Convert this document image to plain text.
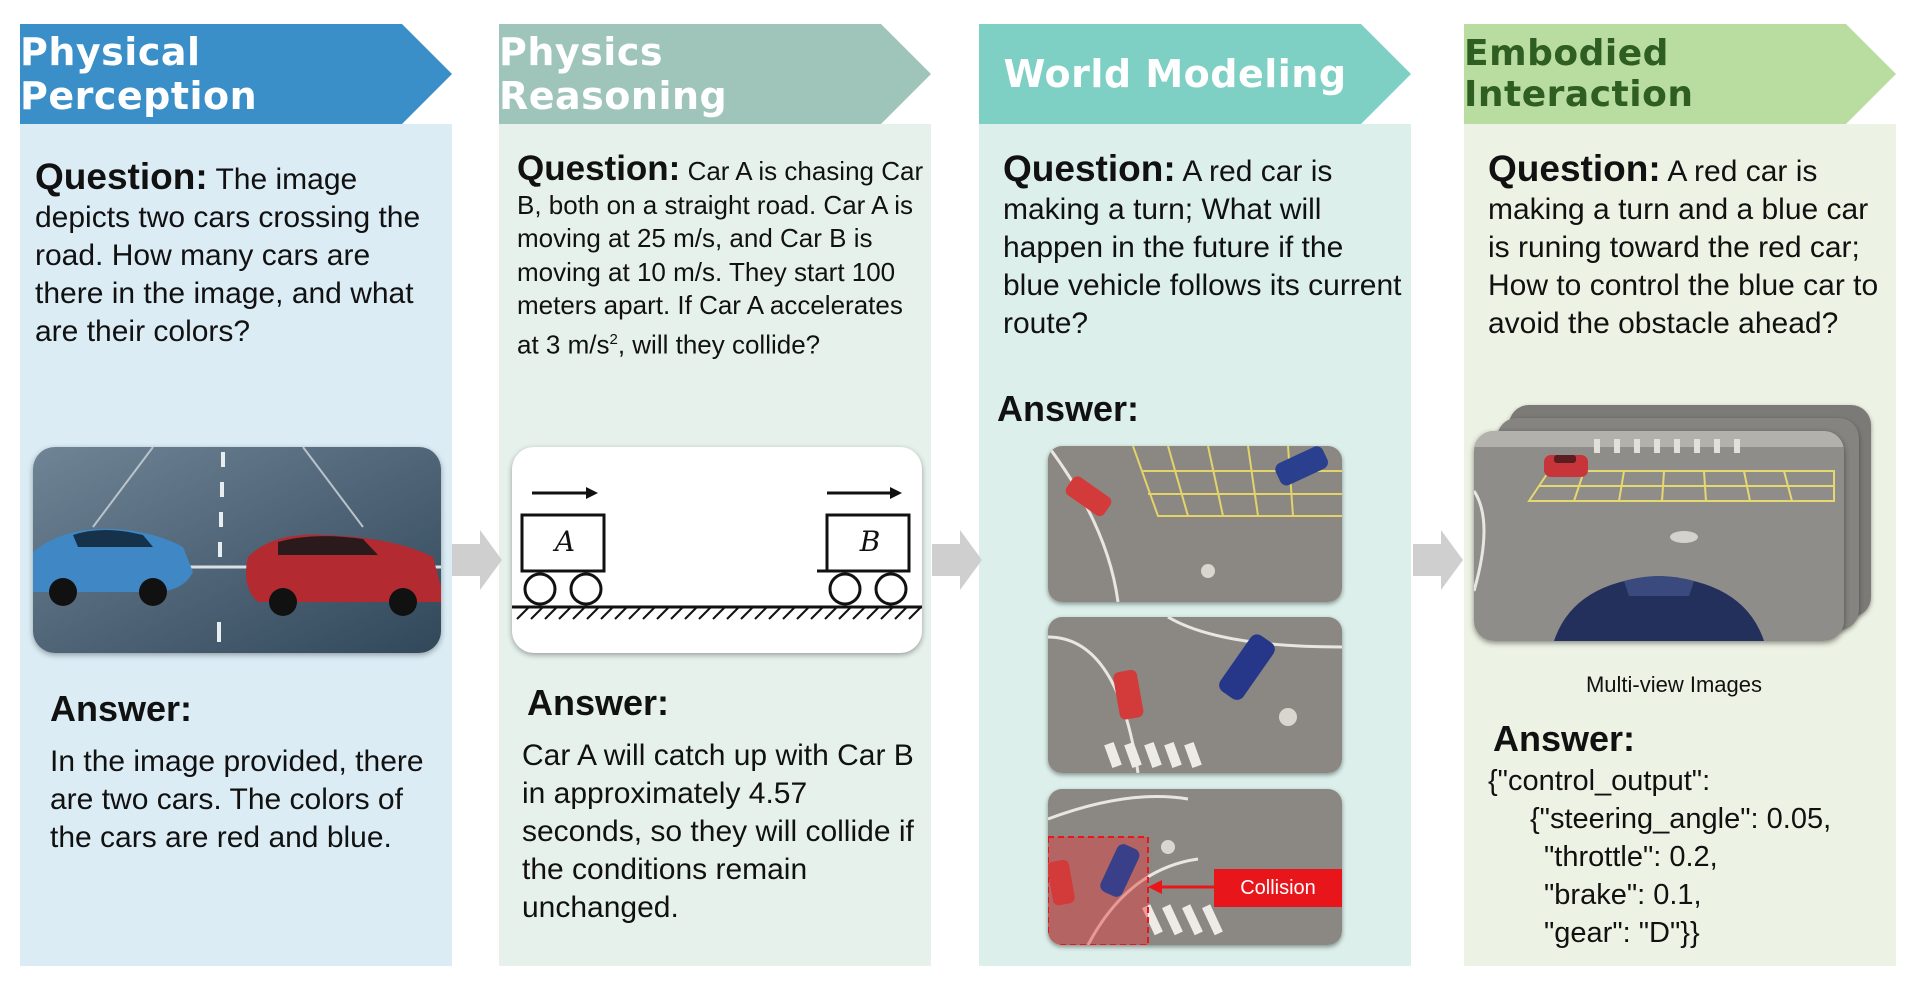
Physical Perception
Physics Reasoning	World Modeling	Embodied Interaction
Question: The image depicts two cars crossing the road. How many cars are there in the image, and what are their colors?
Answer:
In the image provided, there are two cars. The colors of the cars are red and blue.
Question: Car A is chasing Car B, both on a straight road. Car A is moving at 25 m/s, and Car B is moving at 10 m/s. They start 100 meters apart. If Car A accelerates at 3 $m/s^2$, will they collide?
A	B
Answer:
Car A will catch up with Car B in approximately 4.57 seconds, so they will collide if the conditions remain unchanged.
Question: A red car is making a turn; What will happen in the future if the blue vehicle follows its current route?
Answer:
Collision
Question: A red car is making a turn and a blue car is runing toward the red car; How to control the blue car to avoid the obstacle ahead?
Multi-view Images
Answer:
{"control_output":
{"steering_angle": 0.05,
"throttle": 0.2,
"brake": 0.1,
"gear": "D"}}
